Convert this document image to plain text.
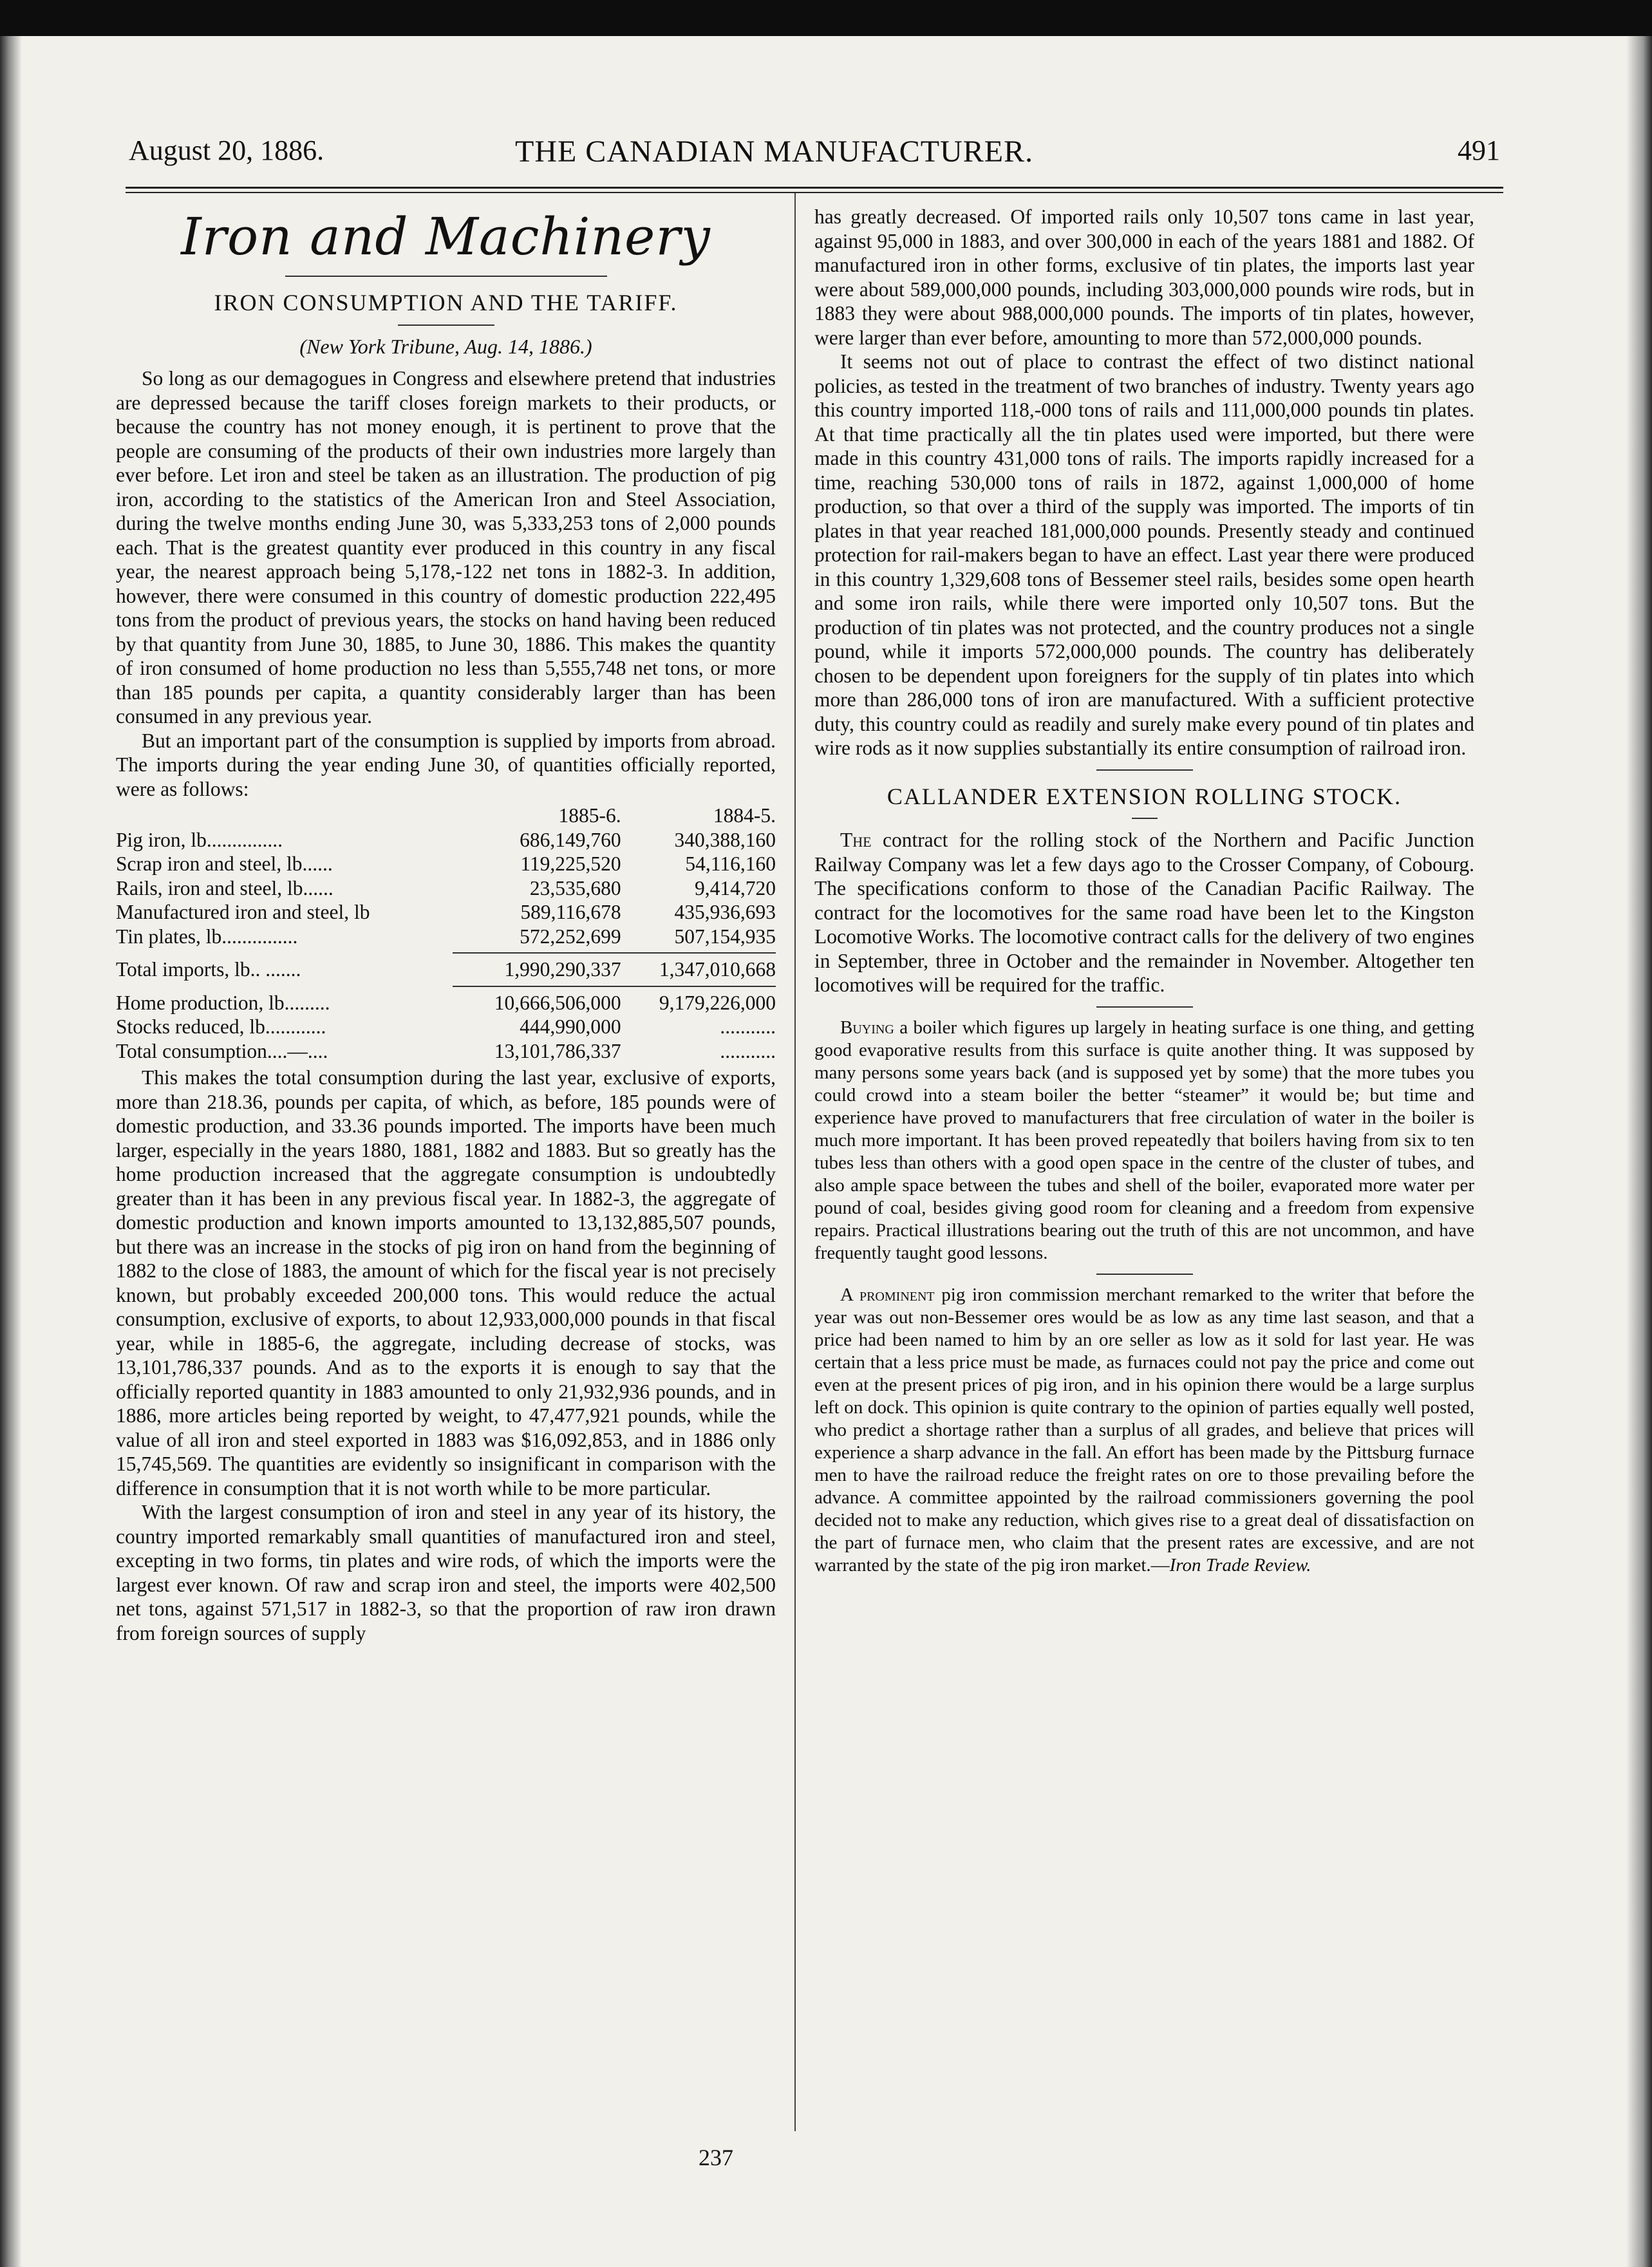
August 20, 1886.	THE CANADIAN MANUFACTURER.	491
Iron and Machinery
IRON CONSUMPTION AND THE TARIFF.
(New York Tribune, Aug. 14, 1886.)

So long as our demagogues in Congress and elsewhere pretend that industries are depressed because the tariff closes foreign markets to their products, or because the country has not money enough, it is pertinent to prove that the people are consuming of the products of their own industries more largely than ever before. Let iron and steel be taken as an illustration. The production of pig iron, according to the statistics of the American Iron and Steel Association, during the twelve months ending June 30, was 5,333,253 tons of 2,000 pounds each. That is the greatest quantity ever produced in this country in any fiscal year, the nearest approach being 5,178,-122 net tons in 1882-3. In addition, however, there were consumed in this country of domestic production 222,495 tons from the product of previous years, the stocks on hand having been reduced by that quantity from June 30, 1885, to June 30, 1886. This makes the quantity of iron consumed of home production no less than 5,555,748 net tons, or more than 185 pounds per capita, a quantity considerably larger than has been consumed in any previous year.

But an important part of the consumption is supplied by imports from abroad. The imports during the year ending June 30, of quantities officially reported, were as follows:

	1885-6.	1884-5.
Pig iron, lb...............	686,149,760	340,388,160
Scrap iron and steel, lb......	119,225,520	54,116,160
Rails, iron and steel, lb......	23,535,680	9,414,720
Manufactured iron and steel, lb	589,116,678	435,936,693
Tin plates, lb...............	572,252,699	507,154,935

Total imports, lb.. .......	1,990,290,337	1,347,010,668

Home production, lb.........	10,666,506,000	9,179,226,000
Stocks reduced, lb............	444,990,000	...........
Total consumption....—....	13,101,786,337	...........

This makes the total consumption during the last year, exclusive of exports, more than 218.36, pounds per capita, of which, as before, 185 pounds were of domestic production, and 33.36 pounds imported. The imports have been much larger, especially in the years 1880, 1881, 1882 and 1883. But so greatly has the home production increased that the aggregate consumption is undoubtedly greater than it has been in any previous fiscal year. In 1882-3, the aggregate of domestic production and known imports amounted to 13,132,885,507 pounds, but there was an increase in the stocks of pig iron on hand from the beginning of 1882 to the close of 1883, the amount of which for the fiscal year is not precisely known, but probably exceeded 200,000 tons. This would reduce the actual consumption, exclusive of exports, to about 12,933,000,000 pounds in that fiscal year, while in 1885-6, the aggregate, including decrease of stocks, was 13,101,786,337 pounds. And as to the exports it is enough to say that the officially reported quantity in 1883 amounted to only 21,932,936 pounds, and in 1886, more articles being reported by weight, to 47,477,921 pounds, while the value of all iron and steel exported in 1883 was $16,092,853, and in 1886 only 15,745,569. The quantities are evidently so insignificant in comparison with the difference in consumption that it is not worth while to be more particular.

With the largest consumption of iron and steel in any year of its history, the country imported remarkably small quantities of manufactured iron and steel, excepting in two forms, tin plates and wire rods, of which the imports were the largest ever known. Of raw and scrap iron and steel, the imports were 402,500 net tons, against 571,517 in 1882-3, so that the proportion of raw iron drawn from foreign sources of supply

has greatly decreased. Of imported rails only 10,507 tons came in last year, against 95,000 in 1883, and over 300,000 in each of the years 1881 and 1882. Of manufactured iron in other forms, exclusive of tin plates, the imports last year were about 589,000,000 pounds, including 303,000,000 pounds wire rods, but in 1883 they were about 988,000,000 pounds. The imports of tin plates, however, were larger than ever before, amounting to more than 572,000,000 pounds.

It seems not out of place to contrast the effect of two distinct national policies, as tested in the treatment of two branches of industry. Twenty years ago this country imported 118,-000 tons of rails and 111,000,000 pounds tin plates. At that time practically all the tin plates used were imported, but there were made in this country 431,000 tons of rails. The imports rapidly increased for a time, reaching 530,000 tons of rails in 1872, against 1,000,000 of home production, so that over a third of the supply was imported. The imports of tin plates in that year reached 181,000,000 pounds. Presently steady and continued protection for rail-makers began to have an effect. Last year there were produced in this country 1,329,608 tons of Bessemer steel rails, besides some open hearth and some iron rails, while there were imported only 10,507 tons. But the production of tin plates was not protected, and the country produces not a single pound, while it imports 572,000,000 pounds. The country has deliberately chosen to be dependent upon foreigners for the supply of tin plates into which more than 286,000 tons of iron are manufactured. With a sufficient protective duty, this country could as readily and surely make every pound of tin plates and wire rods as it now supplies substantially its entire consumption of railroad iron.

CALLANDER EXTENSION ROLLING STOCK.

The contract for the rolling stock of the Northern and Pacific Junction Railway Company was let a few days ago to the Crosser Company, of Cobourg. The specifications conform to those of the Canadian Pacific Railway. The contract for the locomotives for the same road have been let to the Kingston Locomotive Works. The locomotive contract calls for the delivery of two engines in September, three in October and the remainder in November. Altogether ten locomotives will be required for the traffic.

Buying a boiler which figures up largely in heating surface is one thing, and getting good evaporative results from this surface is quite another thing. It was supposed by many persons some years back (and is supposed yet by some) that the more tubes you could crowd into a steam boiler the better “steamer” it would be; but time and experience have proved to manufacturers that free circulation of water in the boiler is much more important. It has been proved repeatedly that boilers having from six to ten tubes less than others with a good open space in the centre of the cluster of tubes, and also ample space between the tubes and shell of the boiler, evaporated more water per pound of coal, besides giving good room for cleaning and a freedom from expensive repairs. Practical illustrations bearing out the truth of this are not uncommon, and have frequently taught good lessons.

A prominent pig iron commission merchant remarked to the writer that before the year was out non-Bessemer ores would be as low as any time last season, and that a price had been named to him by an ore seller as low as it sold for last year. He was certain that a less price must be made, as furnaces could not pay the price and come out even at the present prices of pig iron, and in his opinion there would be a large surplus left on dock. This opinion is quite contrary to the opinion of parties equally well posted, who predict a shortage rather than a surplus of all grades, and believe that prices will experience a sharp advance in the fall. An effort has been made by the Pittsburg furnace men to have the railroad reduce the freight rates on ore to those prevailing before the advance. A committee appointed by the railroad commissioners governing the pool decided not to make any reduction, which gives rise to a great deal of dissatisfaction on the part of furnace men, who claim that the present rates are excessive, and are not warranted by the state of the pig iron market.—Iron Trade Review.

237
